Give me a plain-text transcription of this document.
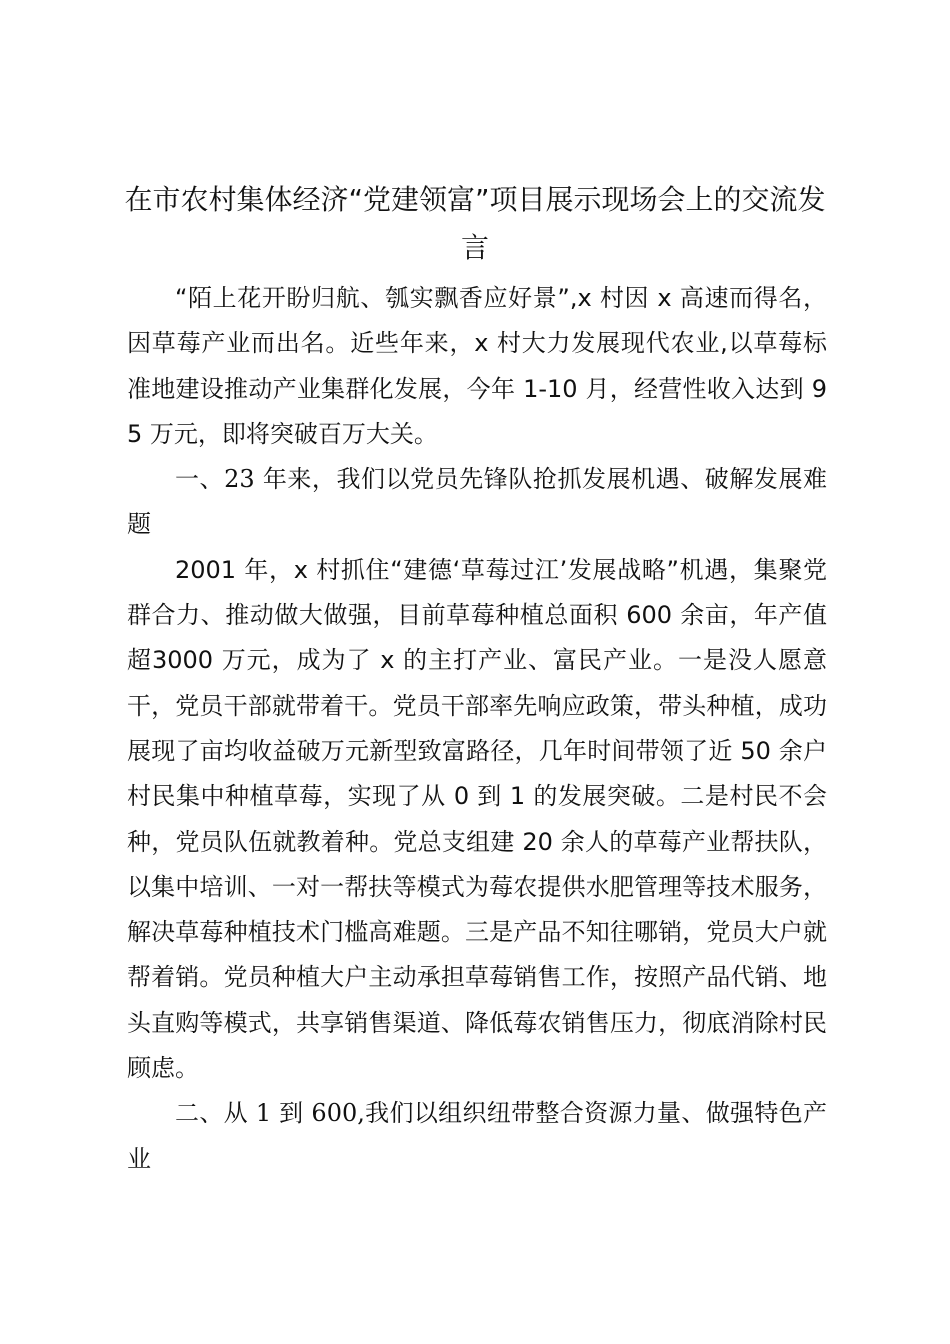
在市农村集体经济“党建领富”项目展示现场会上的交流发言

“陌上花开盼归航、瓠实飘香应好景”,x 村因 x 高速而得名，因草莓产业而出名。近些年来，x 村大力发展现代农业,以草莓标准地建设推动产业集群化发展，今年 1-10 月，经营性收入达到 95 万元，即将突破百万大关。

一、23 年来，我们以党员先锋队抢抓发展机遇、破解发展难题

2001 年，x 村抓住“建德‘草莓过江’发展战略”机遇，集聚党群合力、推动做大做强，目前草莓种植总面积 600 余亩，年产值超3000 万元，成为了 x 的主打产业、富民产业。一是没人愿意干，党员干部就带着干。党员干部率先响应政策，带头种植，成功展现了亩均收益破万元新型致富路径，几年时间带领了近 50 余户村民集中种植草莓，实现了从 0 到 1 的发展突破。二是村民不会种，党员队伍就教着种。党总支组建 20 余人的草莓产业帮扶队，以集中培训、一对一帮扶等模式为莓农提供水肥管理等技术服务，解决草莓种植技术门槛高难题。三是产品不知往哪销，党员大户就帮着销。党员种植大户主动承担草莓销售工作，按照产品代销、地头直购等模式，共享销售渠道、降低莓农销售压力，彻底消除村民顾虑。

二、从 1 到 600,我们以组织纽带整合资源力量、做强特色产业
